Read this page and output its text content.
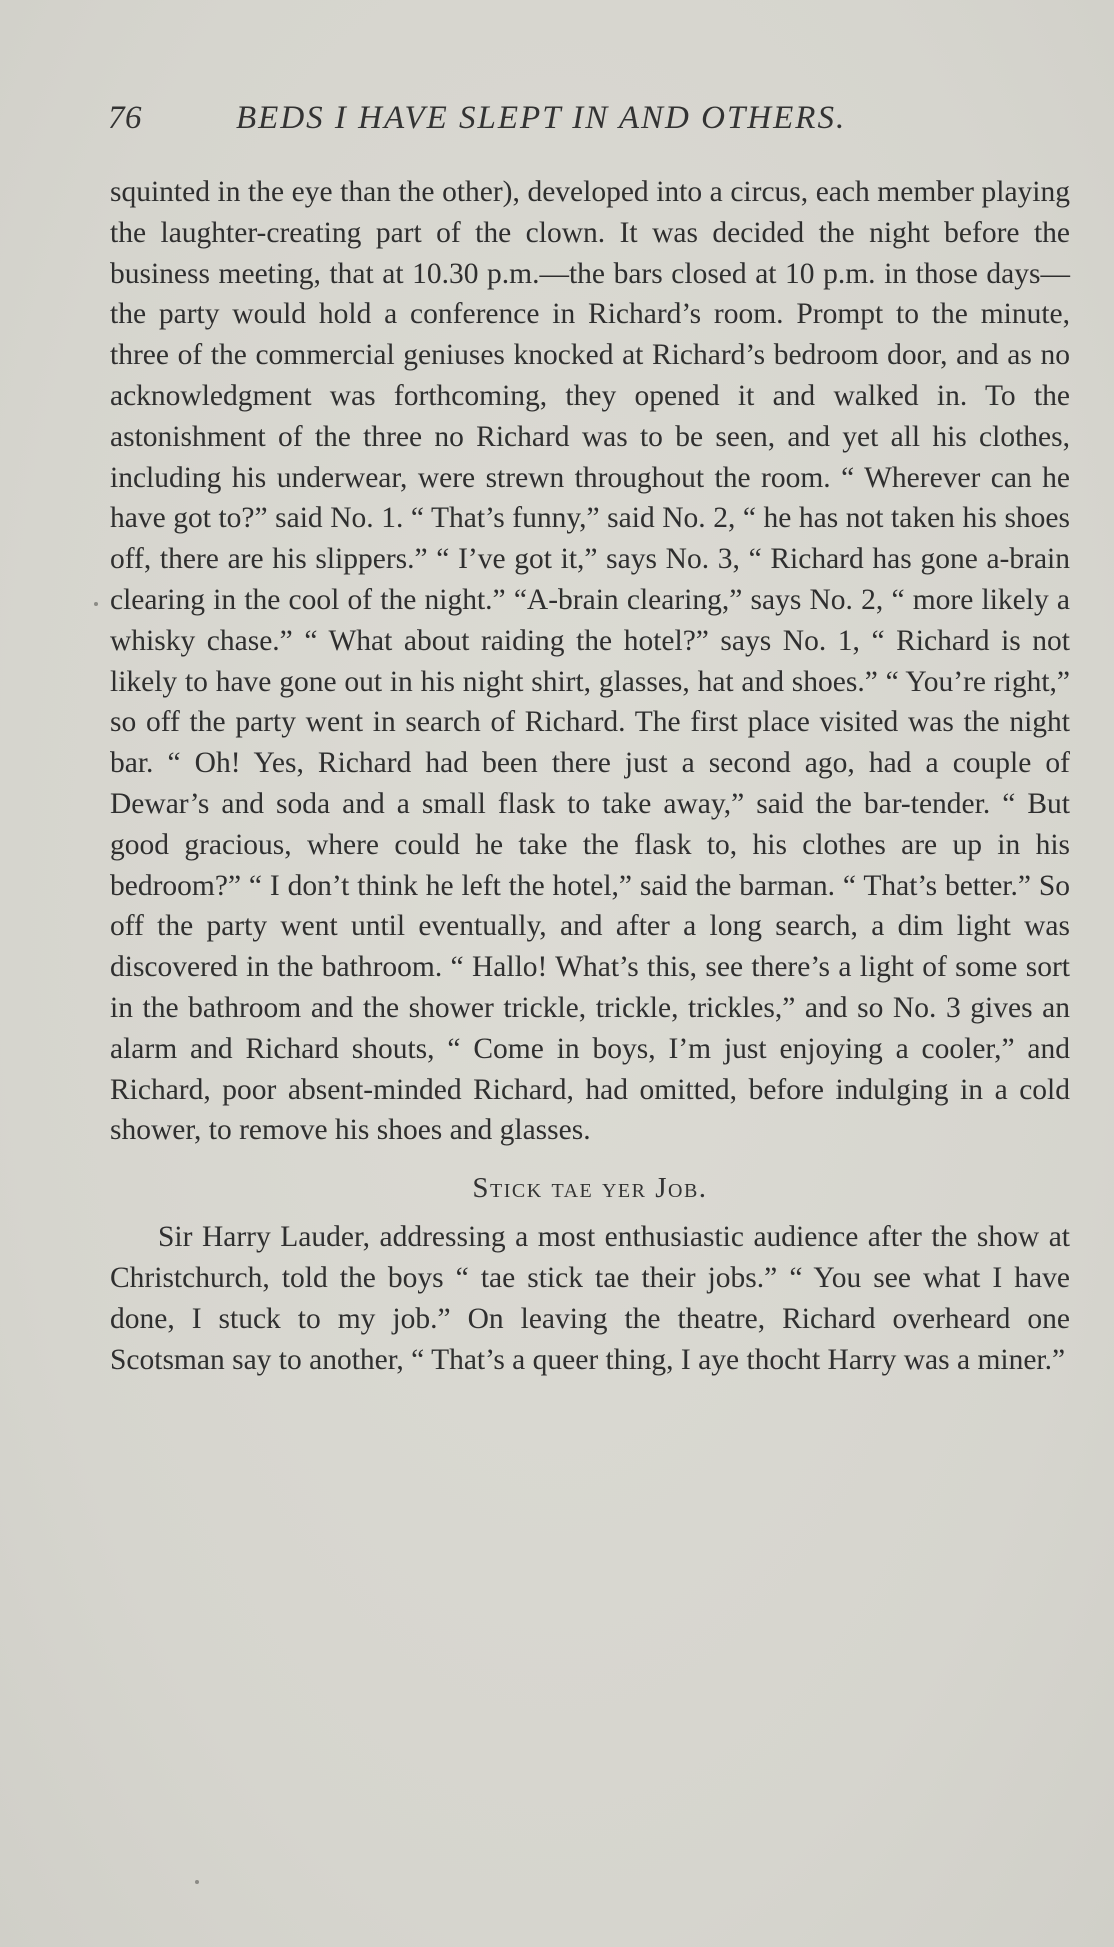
76	BEDS I HAVE SLEPT IN AND OTHERS.

squinted in the eye than the other), developed into a circus, each member playing the laughter-creating part of the clown. It was decided the night before the business meeting, that at 10.30 p.m.—the bars closed at 10 p.m. in those days—the party would hold a conference in Richard’s room. Prompt to the minute, three of the commercial geniuses knocked at Richard’s bedroom door, and as no acknowledgment was forthcoming, they opened it and walked in. To the astonishment of the three no Richard was to be seen, and yet all his clothes, including his underwear, were strewn throughout the room. “ Wherever can he have got to?” said No. 1. “ That’s funny,” said No. 2, “ he has not taken his shoes off, there are his slippers.” “ I’ve got it,” says No. 3, “ Richard has gone a-brain clearing in the cool of the night.” “A-brain clearing,” says No. 2, “ more likely a whisky chase.” “ What about raiding the hotel?” says No. 1, “ Richard is not likely to have gone out in his night shirt, glasses, hat and shoes.” “ You’re right,” so off the party went in search of Richard. The first place visited was the night bar. “ Oh! Yes, Richard had been there just a second ago, had a couple of Dewar’s and soda and a small flask to take away,” said the bar-tender. “ But good gracious, where could he take the flask to, his clothes are up in his bedroom?” “ I don’t think he left the hotel,” said the barman. “ That’s better.” So off the party went until eventually, and after a long search, a dim light was discovered in the bathroom. “ Hallo! What’s this, see there’s a light of some sort in the bathroom and the shower trickle, trickle, trickles,” and so No. 3 gives an alarm and Richard shouts, “ Come in boys, I’m just enjoying a cooler,” and Richard, poor absent-minded Richard, had omitted, before indulging in a cold shower, to remove his shoes and glasses.

Stick tae yer Job.

Sir Harry Lauder, addressing a most enthusiastic audience after the show at Christchurch, told the boys “ tae stick tae their jobs.” “ You see what I have done, I stuck to my job.” On leaving the theatre, Richard overheard one Scotsman say to another, “ That’s a queer thing, I aye thocht Harry was a miner.”
